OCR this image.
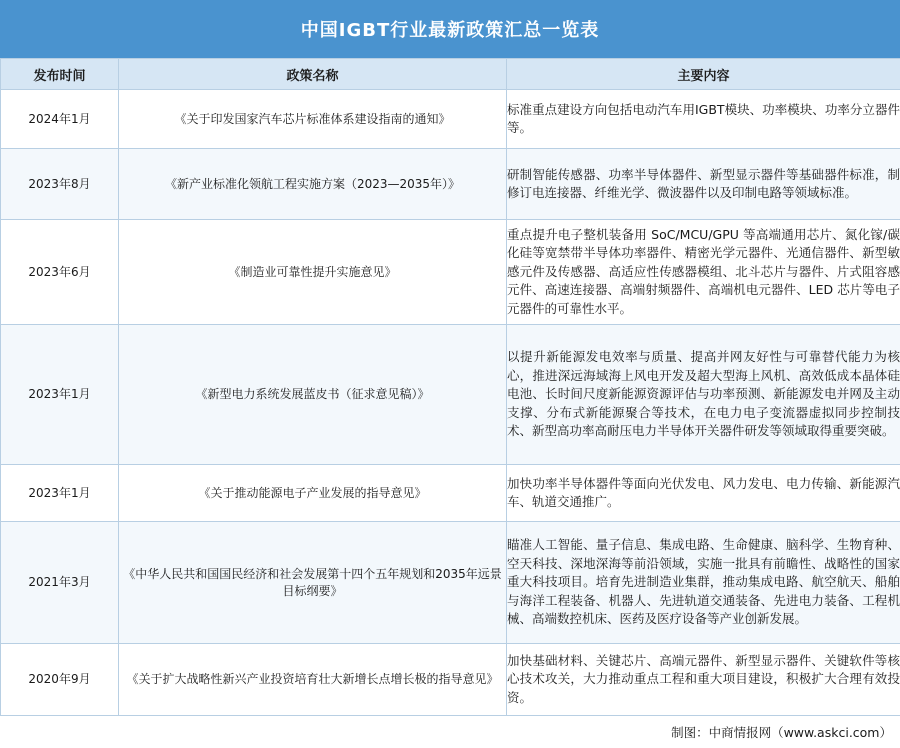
中国IGBT行业最新政策汇总一览表
发布时间	政策名称	主要内容
2024年1月	《关于印发国家汽车芯片标准体系建设指南的通知》	标准重点建设方向包括电动汽车用IGBT模块、功率模块、功率分立器件等。
2023年8月	《新产业标准化领航工程实施方案（2023—2035年）》	研制智能传感器、功率半导体器件、新型显示器件等基础器件标准，制修订电连接器、纤维光学、微波器件以及印制电路等领域标准。
2023年6月	《制造业可靠性提升实施意见》	重点提升电子整机装备用 SoC/MCU/GPU 等高端通用芯片、氮化镓/碳化硅等宽禁带半导体功率器件、精密光学元器件、光通信器件、新型敏感元件及传感器、高适应性传感器模组、北斗芯片与器件、片式阻容感元件、高速连接器、高端射频器件、高端机电元器件、LED 芯片等电子元器件的可靠性水平。
2023年1月	《新型电力系统发展蓝皮书（征求意见稿）》	以提升新能源发电效率与质量、提高并网友好性与可靠替代能力为核心，推进深远海域海上风电开发及超大型海上风机、高效低成本晶体硅电池、长时间尺度新能源资源评估与功率预测、新能源发电并网及主动支撑、分布式新能源聚合等技术，在电力电子变流器虚拟同步控制技术、新型高功率高耐压电力半导体开关器件研发等领域取得重要突破。
2023年1月	《关于推动能源电子产业发展的指导意见》	加快功率半导体器件等面向光伏发电、风力发电、电力传输、新能源汽车、轨道交通推广。
2021年3月	《中华人民共和国国民经济和社会发展第十四个五年规划和2035年远景目标纲要》	瞄准人工智能、量子信息、集成电路、生命健康、脑科学、生物育种、空天科技、深地深海等前沿领域，实施一批具有前瞻性、战略性的国家重大科技项目。培育先进制造业集群，推动集成电路、航空航天、船舶与海洋工程装备、机器人、先进轨道交通装备、先进电力装备、工程机械、高端数控机床、医药及医疗设备等产业创新发展。
2020年9月	《关于扩大战略性新兴产业投资培育壮大新增长点增长极的指导意见》	加快基础材料、关键芯片、高端元器件、新型显示器件、关键软件等核心技术攻关，大力推动重点工程和重大项目建设，积极扩大合理有效投资。
制图：中商情报网（www.askci.com）
